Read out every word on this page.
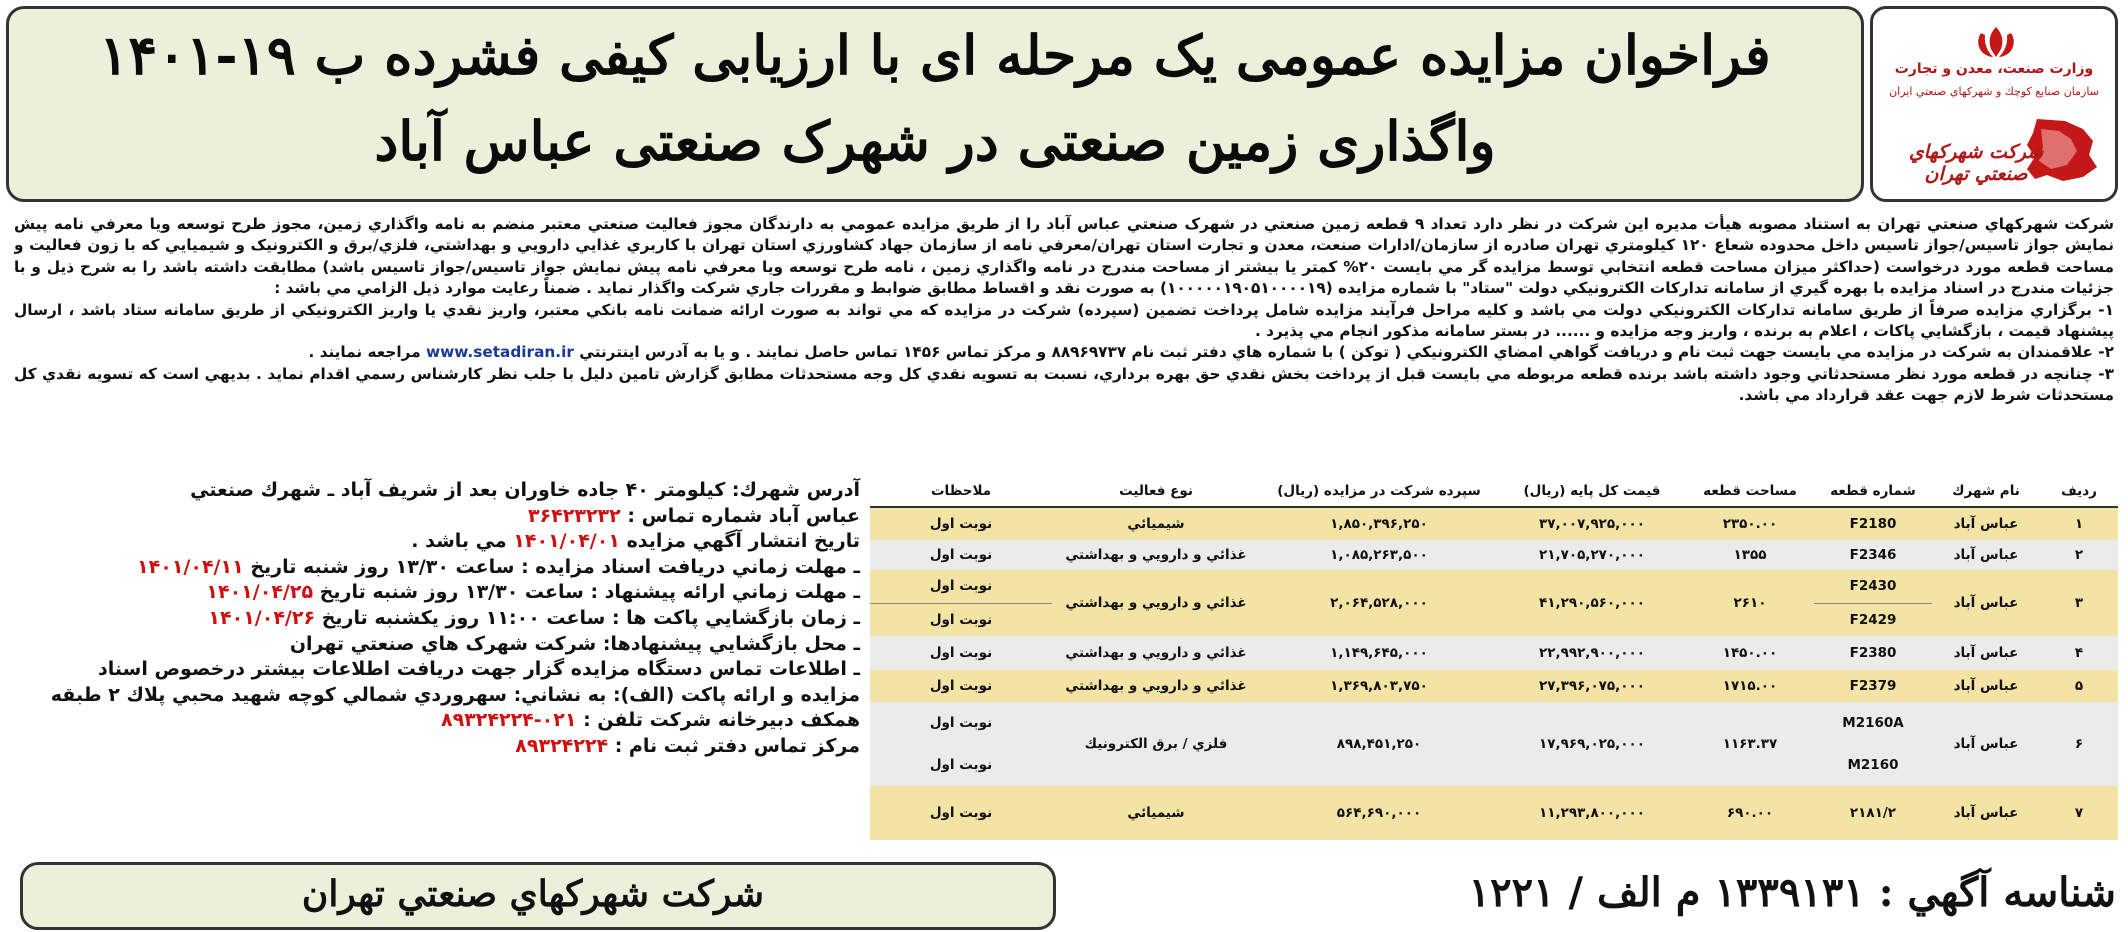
وزارت صنعت، معدن و تجارت
سازمان صنايع كوچك و شهركهاي صنعتي ايران
شركت شهركهاي صنعتي تهران
فراخوان مزایده عمومی یک مرحله ای با ارزیابی کیفی فشرده ب ۱۹-۱۴۰۱
واگذاری زمین صنعتی در شهرک صنعتی عباس آباد

شرکت شهرکهاي صنعتي تهران به استناد مصوبه هيأت مديره اين شرکت در نظر دارد تعداد ۹ قطعه زمين صنعتي در شهرک صنعتي عباس آباد را از طريق مزايده عمومي به دارندگان مجوز فعاليت صنعتي معتبر منضم به نامه واگذاري زمين، مجوز طرح توسعه ويا معرفي نامه پيش نمايش جواز تاسيس/جواز تاسيس داخل محدوده شعاع ۱۲۰ کيلومتري تهران صادره از سازمان/ادارات صنعت، معدن و تجارت استان تهران/معرفي نامه از سازمان جهاد کشاورزي استان تهران با کاربري غذايي دارويي و بهداشتي، فلزي/برق و الکترونيک و شيميايي که با زون فعاليت و مساحت قطعه مورد درخواست (حداکثر ميزان مساحت قطعه انتخابي توسط مزايده گر مي بايست ۲۰% کمتر يا بيشتر از مساحت مندرج در نامه واگذاري زمين ، نامه طرح توسعه ويا معرفي نامه پيش نمايش جواز تاسيس/جواز تاسيس باشد) مطابقت داشته باشد را به شرح ذيل و با جزئيات مندرج در اسناد مزايده با بهره گيري از سامانه تدارکات الکترونيکي دولت "ستاد" با شماره مزايده (۱۰۰۰۰۰۱۹۰۵۱۰۰۰۰۱۹) به صورت نقد و اقساط مطابق ضوابط و مقررات جاري شرکت واگذار نمايد . ضمناً رعايت موارد ذيل الزامي مي باشد :

۱- برگزاري مزايده صرفاً از طريق سامانه تدارکات الکترونيکي دولت مي باشد و کليه مراحل فرآيند مزايده شامل پرداخت تضمين (سپرده) شرکت در مزايده که مي تواند به صورت ارائه ضمانت نامه بانکي معتبر، واريز نقدي يا واريز الکترونيکي از طريق سامانه ستاد باشد ، ارسال پيشنهاد قيمت ، بازگشايي پاکات ، اعلام به برنده ، واريز وجه مزايده و ...... در بستر سامانه مذکور انجام مي پذيرد .

۲- علاقمندان به شرکت در مزايده مي بايست جهت ثبت نام و دريافت گواهي امضاي الکترونيکي ( توکن ) با شماره هاي دفتر ثبت نام ۸۸۹۶۹۷۳۷ و مرکز تماس ۱۴۵۶ تماس حاصل نمايند . و يا به آدرس اينترنتي www.setadiran.ir مراجعه نمايند .

۳- چنانچه در قطعه مورد نظر مستحدثاتي وجود داشته باشد برنده قطعه مربوطه مي بايست قبل از پرداخت بخش نقدي حق بهره برداري، نسبت به تسويه نقدي کل وجه مستحدثات مطابق گزارش تامين دليل با جلب نظر کارشناس رسمي اقدام نمايد . بديهي است که تسويه نقدي کل مستحدثات شرط لازم جهت عقد قرارداد مي باشد.

رديف	نام شهرك	شماره قطعه	مساحت قطعه	قيمت كل پايه (ريال)	سپرده شركت در مزايده (ريال)	نوع فعاليت	ملاحظات
۱	عباس آباد	F2180	۲۳۵۰.۰۰	۳۷,۰۰۷,۹۲۵,۰۰۰	۱,۸۵۰,۳۹۶,۲۵۰	شيميائي	نوبت اول
۲	عباس آباد	F2346	۱۳۵۵	۲۱,۷۰۵,۲۷۰,۰۰۰	۱,۰۸۵,۲۶۳,۵۰۰	غذائي و دارويي و بهداشتي	نوبت اول
۳	عباس آباد	F2430	۲۶۱۰	۴۱,۲۹۰,۵۶۰,۰۰۰	۲,۰۶۴,۵۲۸,۰۰۰	غذائي و دارويي و بهداشتي	نوبت اول
		F2429					نوبت اول
۴	عباس آباد	F2380	۱۴۵۰.۰۰	۲۲,۹۹۲,۹۰۰,۰۰۰	۱,۱۴۹,۶۴۵,۰۰۰	غذائي و دارويي و بهداشتي	نوبت اول
۵	عباس آباد	F2379	۱۷۱۵.۰۰	۲۷,۳۹۶,۰۷۵,۰۰۰	۱,۳۶۹,۸۰۳,۷۵۰	غذائي و دارويي و بهداشتي	نوبت اول
۶	عباس آباد	M2160A	۱۱۶۳.۳۷	۱۷,۹۶۹,۰۲۵,۰۰۰	۸۹۸,۴۵۱,۲۵۰	فلزي / برق الكترونيك	نوبت اول
		M2160					نوبت اول
۷	عباس آباد	۲۱۸۱/۲	۶۹۰.۰۰	۱۱,۲۹۳,۸۰۰,۰۰۰	۵۶۴,۶۹۰,۰۰۰	شيميائي	نوبت اول
آدرس شهرك: كيلومتر ۴۰ جاده خاوران بعد از شريف آباد ـ شهرك صنعتي
عباس آباد شماره تماس : ۳۶۴۲۳۲۳۲
تاريخ انتشار آگهي مزايده ۱۴۰۱/۰۴/۰۱ مي باشد .
ـ مهلت زماني دريافت اسناد مزايده : ساعت ۱۳/۳۰ روز شنبه تاريخ ۱۴۰۱/۰۴/۱۱
ـ مهلت زماني ارائه پيشنهاد : ساعت ۱۳/۳۰ روز شنبه تاريخ ۱۴۰۱/۰۴/۲۵
ـ زمان بازگشايي پاکت ها : ساعت ۱۱:۰۰ روز يكشنبه تاريخ ۱۴۰۱/۰۴/۲۶
ـ محل بازگشايي پيشنهادها: شرکت شهرک هاي صنعتي تهران
ـ اطلاعات تماس دستگاه مزايده گزار جهت دريافت اطلاعات بيشتر درخصوص اسناد
مزايده و ارائه پاكت (الف): به نشاني: سهروردي شمالي كوچه شهيد محبي پلاك ۲ طبقه
همكف دبيرخانه شركت تلفن : ۸۹۳۲۴۲۲۴-۰۲۱
مركز تماس دفتر ثبت نام : ۸۹۳۲۴۲۲۴
شركت شهركهاي صنعتي تهران	شناسه آگهي : ۱۳۳۹۱۳۱ م الف / ۱۲۲۱
